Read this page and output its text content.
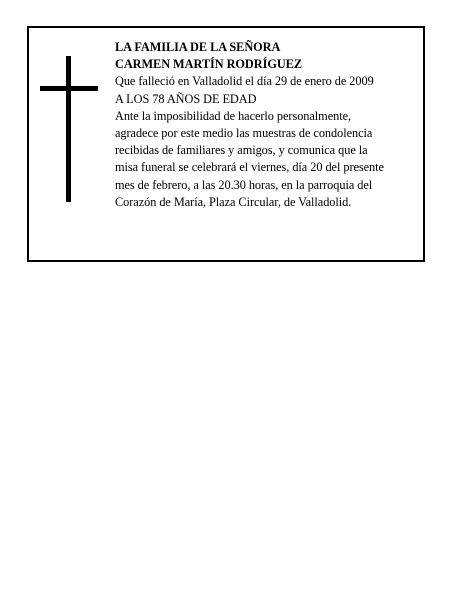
LA FAMILIA DE LA SEÑORA
CARMEN MARTÍN RODRÍGUEZ
Que falleció en Valladolid el día 29 de enero de 2009
A LOS 78 AÑOS DE EDAD
Ante la imposibilidad de hacerlo personalmente,
agradece por este medio las muestras de condolencia
recibidas de familiares y amigos, y comunica que la
misa funeral se celebrará el viernes, día 20 del presente
mes de febrero, a las 20.30 horas, en la parroquia del
Corazón de María, Plaza Circular, de Valladolid.
